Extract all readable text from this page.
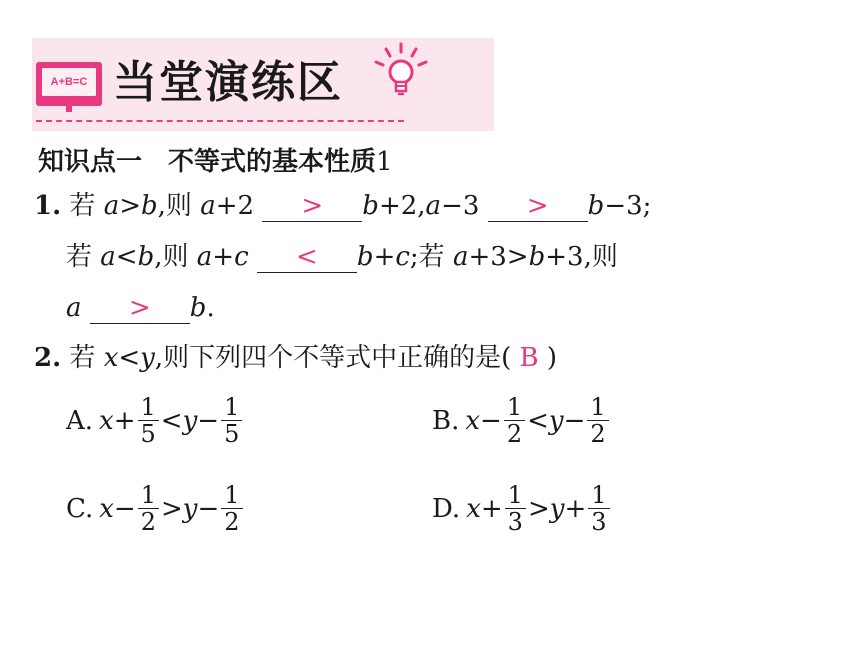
A+B=C 当堂演练区
知识点一　不等式的基本性质1
1. 若 a>b,则 a+2 > b+2,a−3 > b−3;
若 a<b,则 a+c < b+c;若 a+3>b+3,则
a > b.
2. 若 x<y,则下列四个不等式中正确的是( B )
A. $x + \frac{1}{5} < y - \frac{1}{5}$	B. $x - \frac{1}{2} < y - \frac{1}{2}$
C. $x - \frac{1}{2} > y - \frac{1}{2}$	D. $x + \frac{1}{3} > y + \frac{1}{3}$
